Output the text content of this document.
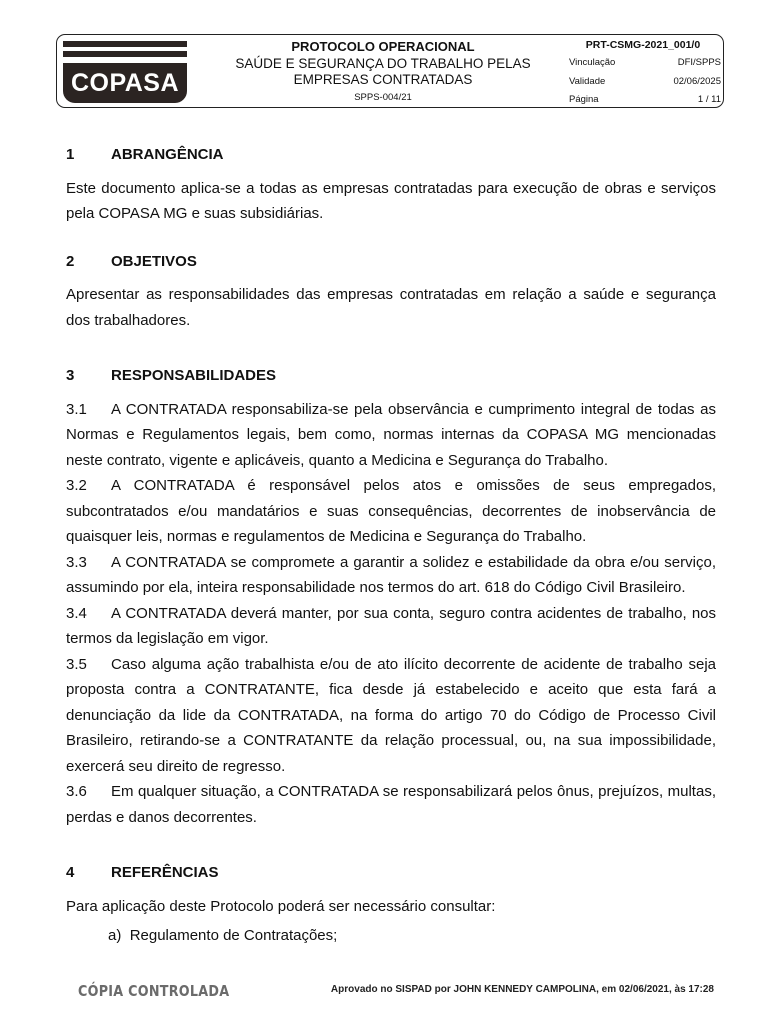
COPASA
PROTOCOLO OPERACIONAL
SAÚDE E SEGURANÇA DO TRABALHO PELAS
EMPRESAS CONTRATADAS
SPPS-004/21
PRT-CSMG-2021_001/0
Vinculação	DFI/SPPS
Validade	02/06/2025
Página	1 / 11
1	ABRANGÊNCIA

Este documento aplica-se a todas as empresas contratadas para execução de obras e serviços pela COPASA MG e suas subsidiárias.

2	OBJETIVOS

Apresentar as responsabilidades das empresas contratadas em relação a saúde e segurança dos trabalhadores.

3	RESPONSABILIDADES

3.1 A CONTRATADA responsabiliza-se pela observância e cumprimento integral de todas as Normas e Regulamentos legais, bem como, normas internas da COPASA MG mencionadas neste contrato, vigente e aplicáveis, quanto a Medicina e Segurança do Trabalho.

3.2 A CONTRATADA é responsável pelos atos e omissões de seus empregados, subcontratados e/ou mandatários e suas consequências, decorrentes de inobservância de quaisquer leis, normas e regulamentos de Medicina e Segurança do Trabalho.

3.3 A CONTRATADA se compromete a garantir a solidez e estabilidade da obra e/ou serviço, assumindo por ela, inteira responsabilidade nos termos do art. 618 do Código Civil Brasileiro.

3.4 A CONTRATADA deverá manter, por sua conta, seguro contra acidentes de trabalho, nos termos da legislação em vigor.

3.5 Caso alguma ação trabalhista e/ou de ato ilícito decorrente de acidente de trabalho seja proposta contra a CONTRATANTE, fica desde já estabelecido e aceito que esta fará a denunciação da lide da CONTRATADA, na forma do artigo 70 do Código de Processo Civil Brasileiro, retirando-se a CONTRATANTE da relação processual, ou, na sua impossibilidade, exercerá seu direito de regresso.

3.6 Em qualquer situação, a CONTRATADA se responsabilizará pelos ônus, prejuízos, multas, perdas e danos decorrentes.

4	REFERÊNCIAS

Para aplicação deste Protocolo poderá ser necessário consultar:

a) Regulamento de Contratações;
CÓPIA CONTROLADA	Aprovado no SISPAD por JOHN KENNEDY CAMPOLINA, em 02/06/2021, às 17:28
